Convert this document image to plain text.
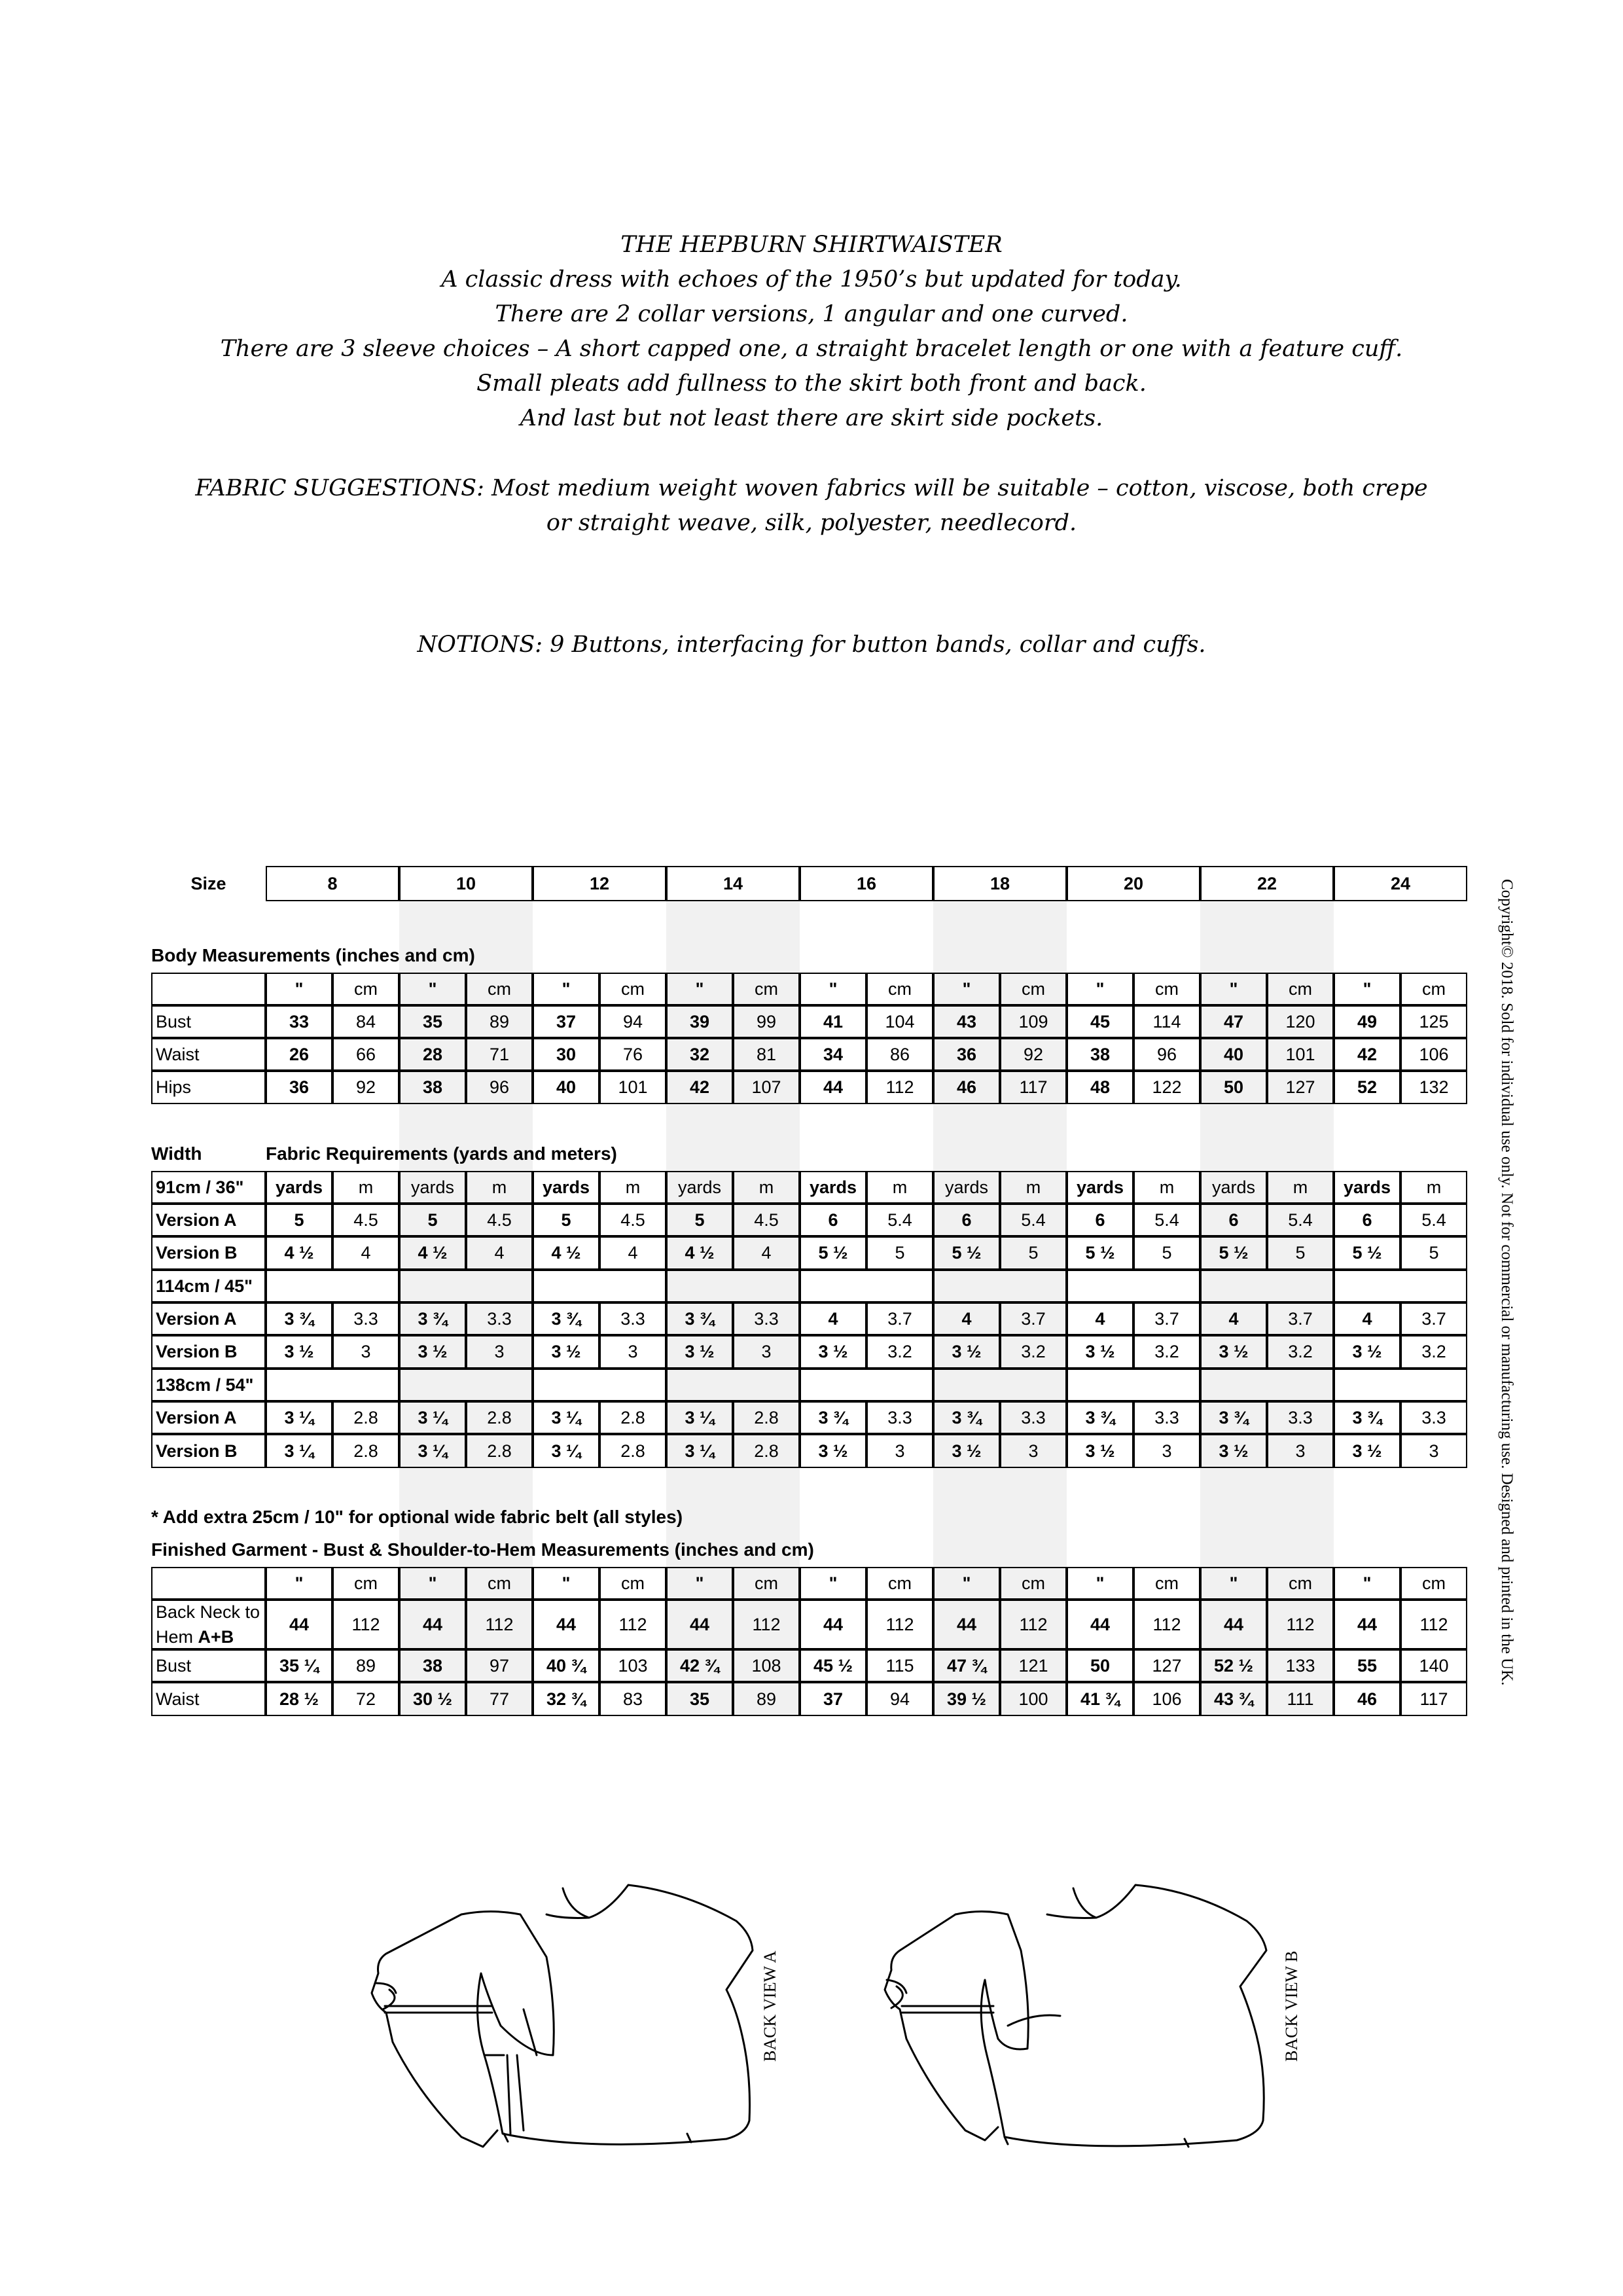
THE HEPBURN SHIRTWAISTER

A classic dress with echoes of the 1950’s but updated for today.

There are 2 collar versions, 1 angular and one curved.

There are 3 sleeve choices – A short capped one, a straight bracelet length or one with a feature cuff.

Small pleats add fullness to the skirt both front and back.

And last but not least there are skirt side pockets.

FABRIC SUGGESTIONS: Most medium weight woven fabrics will be suitable – cotton, viscose, both crepe

or straight weave, silk, polyester, needlecord.

NOTIONS: 9 Buttons, interfacing for button bands, collar and cuffs.

Size	8	10	12	14	16	18	20	22	24
Body Measurements (inches and cm)
"	cm	"	cm	"	cm	"	cm	"	cm	"	cm	"	cm	"	cm	"	cm
Bust	33	84	35	89	37	94	39	99	41	104	43	109	45	114	47	120	49	125
Waist	26	66	28	71	30	76	32	81	34	86	36	92	38	96	40	101	42	106
Hips	36	92	38	96	40	101	42	107	44	112	46	117	48	122	50	127	52	132
Width	Fabric Requirements (yards and meters)
91cm / 36"	yards	m	yards	m	yards	m	yards	m	yards	m	yards	m	yards	m	yards	m	yards	m
Version A	5	4.5	5	4.5	5	4.5	5	4.5	6	5.4	6	5.4	6	5.4	6	5.4	6	5.4
Version B	4 ½	4	4 ½	4	4 ½	4	4 ½	4	5 ½	5	5 ½	5	5 ½	5	5 ½	5	5 ½	5
114cm / 45"
Version A	3 ¾	3.3	3 ¾	3.3	3 ¾	3.3	3 ¾	3.3	4	3.7	4	3.7	4	3.7	4	3.7	4	3.7
Version B	3 ½	3	3 ½	3	3 ½	3	3 ½	3	3 ½	3.2	3 ½	3.2	3 ½	3.2	3 ½	3.2	3 ½	3.2
138cm / 54"
Version A	3 ¼	2.8	3 ¼	2.8	3 ¼	2.8	3 ¼	2.8	3 ¾	3.3	3 ¾	3.3	3 ¾	3.3	3 ¾	3.3	3 ¾	3.3
Version B	3 ¼	2.8	3 ¼	2.8	3 ¼	2.8	3 ¼	2.8	3 ½	3	3 ½	3	3 ½	3	3 ½	3	3 ½	3
* Add extra 25cm / 10" for optional wide fabric belt (all styles)
Finished Garment - Bust & Shoulder-to-Hem Measurements (inches and cm)
"	cm	"	cm	"	cm	"	cm	"	cm	"	cm	"	cm	"	cm	"	cm
Back Neck to
Hem A+B
44	112	44	112	44	112	44	112	44	112	44	112	44	112	44	112	44	112
Bust	35 ¼	89	38	97	40 ¾	103	42 ¾	108	45 ½	115	47 ¾	121	50	127	52 ½	133	55	140
Waist	28 ½	72	30 ½	77	32 ¾	83	35	89	37	94	39 ½	100	41 ¾	106	43 ¾	111	46	117
Copyright© 2018. Sold for individual use only. Not for commercial or manufacturing use. Designed and printed in the UK.
BACK VIEW A	BACK VIEW B
